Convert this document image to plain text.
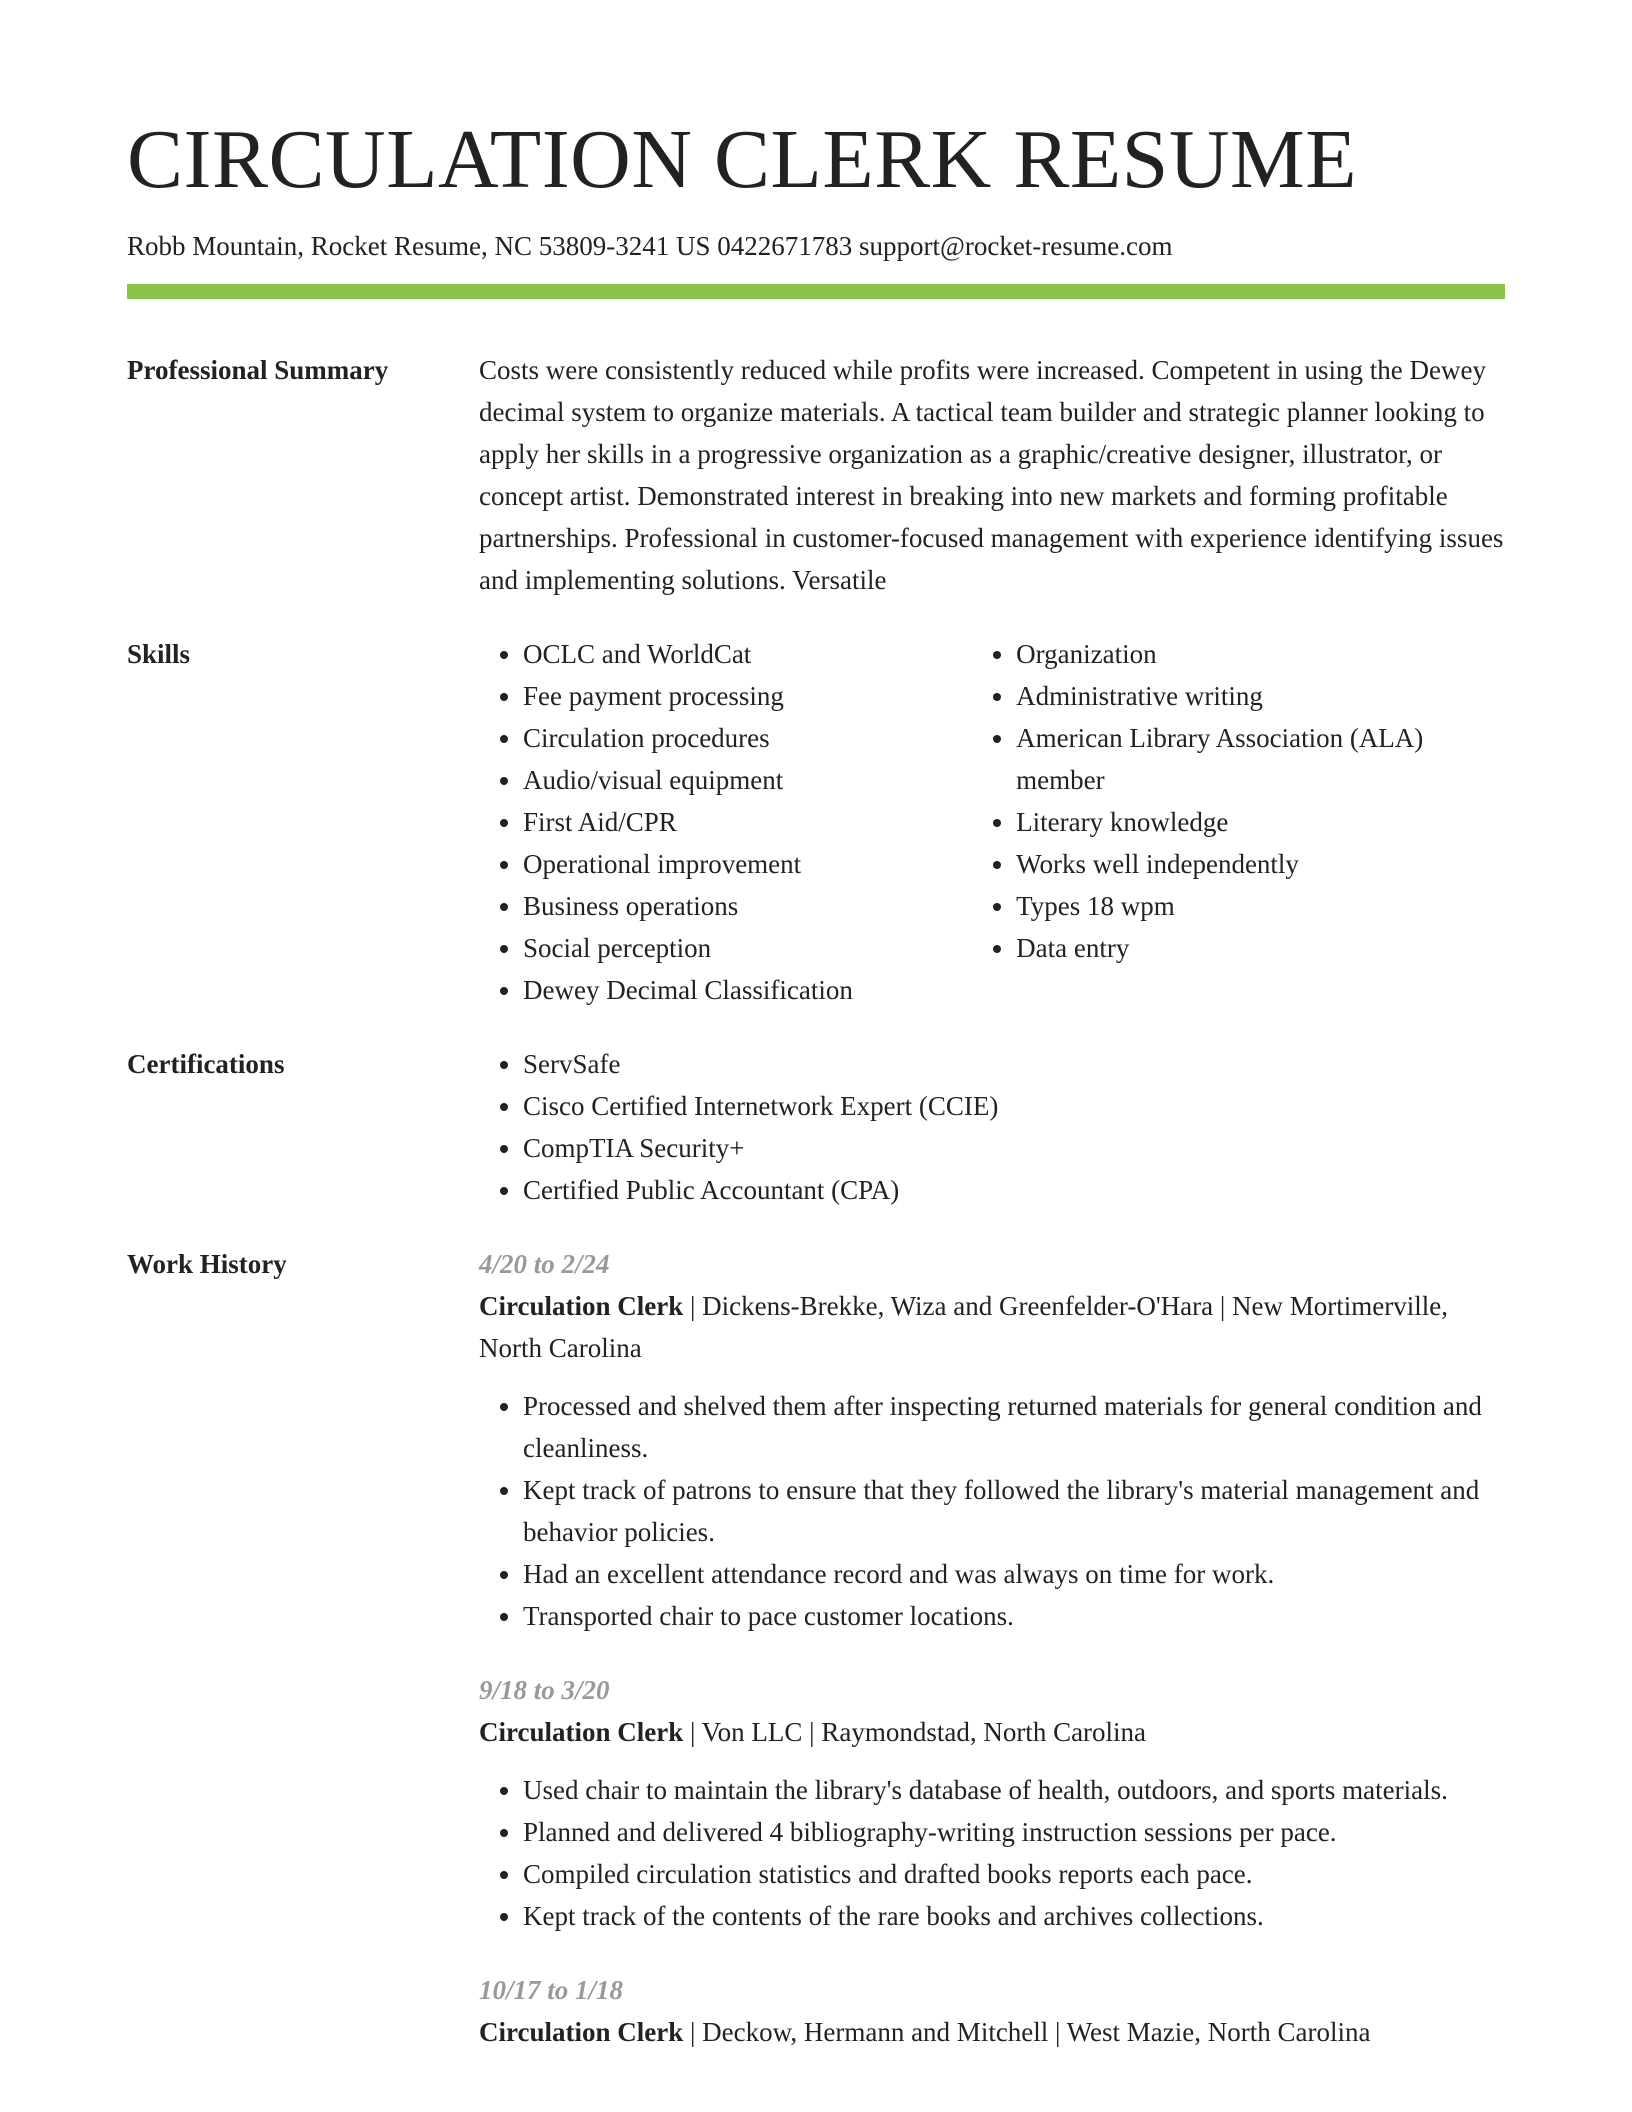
CIRCULATION CLERK RESUME
Robb Mountain, Rocket Resume, NC 53809-3241 US 0422671783 support@rocket-resume.com
Professional Summary	Costs were consistently reduced while profits were increased. Competent in using the Dewey decimal system to organize materials. A tactical team builder and strategic planner looking to apply her skills in a progressive organization as a graphic/creative designer, illustrator, or concept artist. Demonstrated interest in breaking into new markets and forming profitable partnerships. Professional in customer-focused management with experience identifying issues and implementing solutions. Versatile
Skills	• OCLC and WorldCat
• Fee payment processing
• Circulation procedures
• Audio/visual equipment
• First Aid/CPR
• Operational improvement
• Business operations
• Social perception
• Dewey Decimal Classification
• Organization
• Administrative writing
• American Library Association (ALA) member
• Literary knowledge
• Works well independently
• Types 18 wpm
• Data entry
Certifications	• ServSafe
• Cisco Certified Internetwork Expert (CCIE)
• CompTIA Security+
• Certified Public Accountant (CPA)
Work History	4/20 to 2/24
Circulation Clerk | Dickens-Brekke, Wiza and Greenfelder-O'Hara | New Mortimerville, North Carolina
• Processed and shelved them after inspecting returned materials for general condition and cleanliness.
• Kept track of patrons to ensure that they followed the library's material management and behavior policies.
• Had an excellent attendance record and was always on time for work.
• Transported chair to pace customer locations.
9/18 to 3/20
Circulation Clerk | Von LLC | Raymondstad, North Carolina
• Used chair to maintain the library's database of health, outdoors, and sports materials.
• Planned and delivered 4 bibliography-writing instruction sessions per pace.
• Compiled circulation statistics and drafted books reports each pace.
• Kept track of the contents of the rare books and archives collections.
10/17 to 1/18
Circulation Clerk | Deckow, Hermann and Mitchell | West Mazie, North Carolina
